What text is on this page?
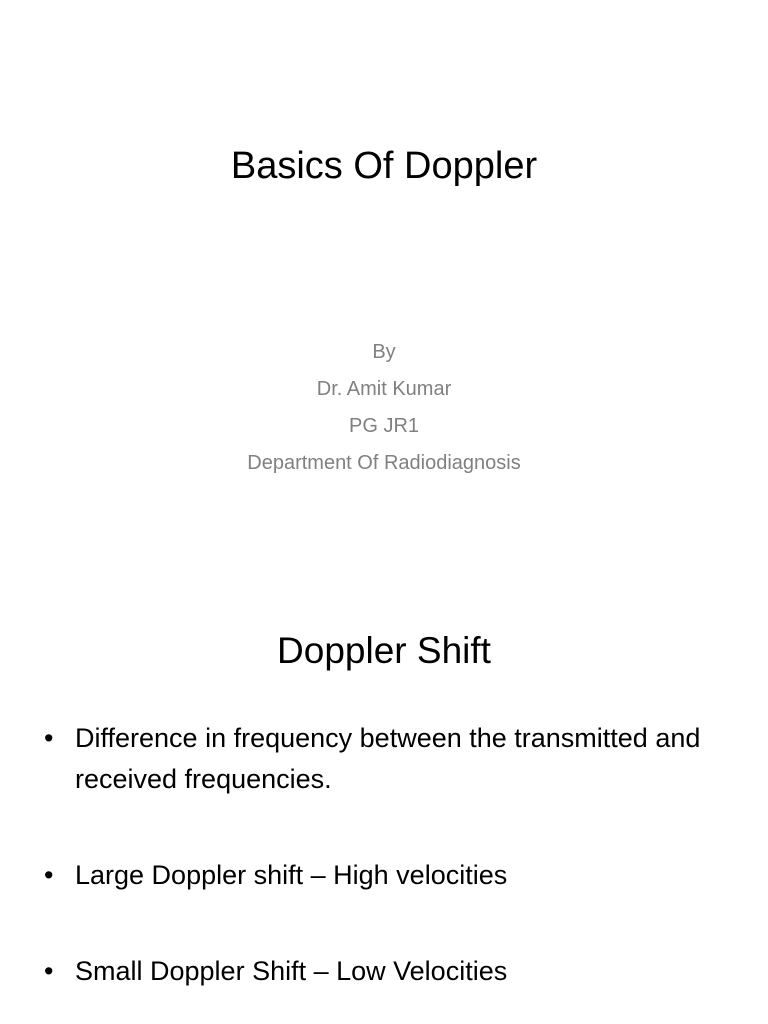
Basics Of Doppler
By
Dr. Amit Kumar
PG JR1
Department Of Radiodiagnosis
Doppler Shift
• Difference in frequency between the transmitted and received frequencies.
• Large Doppler shift – High velocities
• Small Doppler Shift – Low Velocities
